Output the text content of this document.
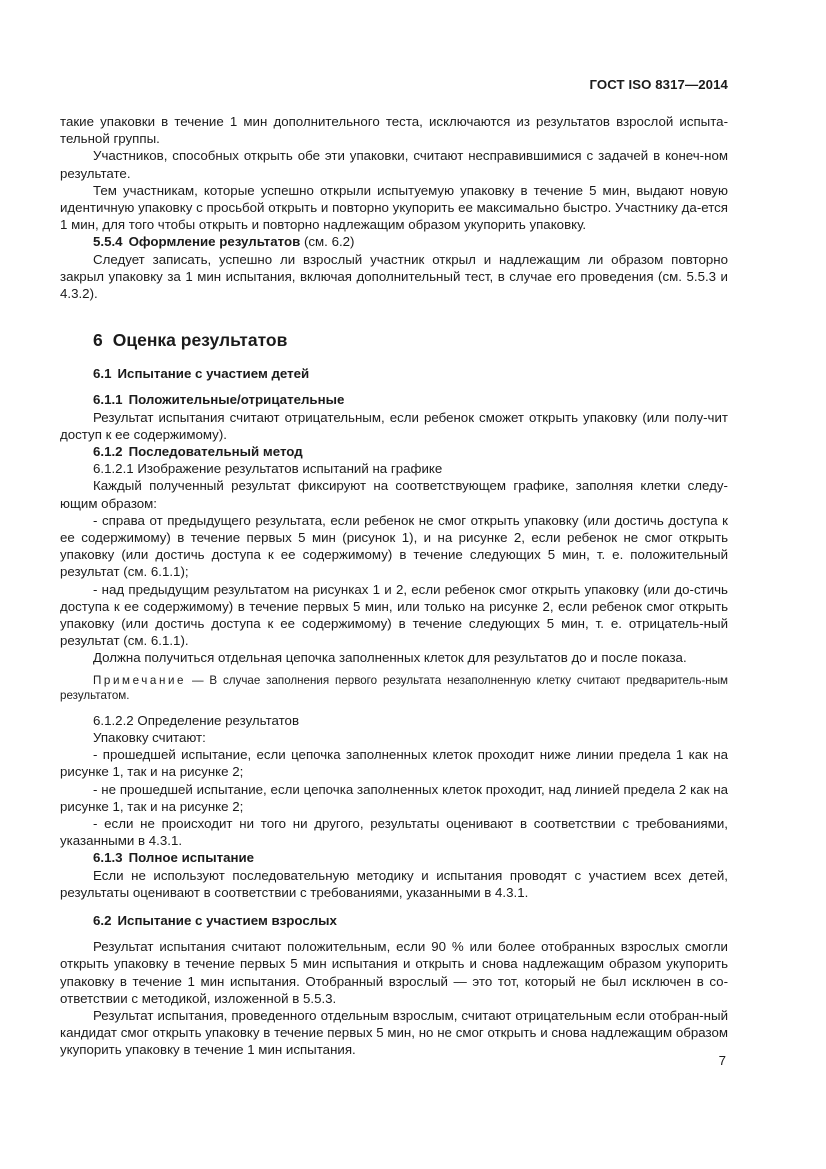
ГОСТ ISO 8317—2014

такие упаковки в течение 1 мин дополнительного теста, исключаются из результатов взрослой испыта-тельной группы.

Участников, способных открыть обе эти упаковки, считают несправившимися с задачей в конеч-ном результате.

Тем участникам, которые успешно открыли испытуемую упаковку в течение 5 мин, выдают новую идентичную упаковку с просьбой открыть и повторно укупорить ее максимально быстро. Участнику да-ется 1 мин, для того чтобы открыть и повторно надлежащим образом укупорить упаковку.

5.5.4 Оформление результатов (см. 6.2)

Следует записать, успешно ли взрослый участник открыл и надлежащим ли образом повторно закрыл упаковку за 1 мин испытания, включая дополнительный тест, в случае его проведения (см. 5.5.3 и 4.3.2).

6 Оценка результатов

6.1 Испытание с участием детей

6.1.1 Положительные/отрицательные

Результат испытания считают отрицательным, если ребенок сможет открыть упаковку (или полу-чит доступ к ее содержимому).

6.1.2 Последовательный метод

6.1.2.1 Изображение результатов испытаний на графике

Каждый полученный результат фиксируют на соответствующем графике, заполняя клетки следу-ющим образом:

- справа от предыдущего результата, если ребенок не смог открыть упаковку (или достичь доступа к ее содержимому) в течение первых 5 мин (рисунок 1), и на рисунке 2, если ребенок не смог открыть упаковку (или достичь доступа к ее содержимому) в течение следующих 5 мин, т. е. положительный результат (см. 6.1.1);

- над предыдущим результатом на рисунках 1 и 2, если ребенок смог открыть упаковку (или до-стичь доступа к ее содержимому) в течение первых 5 мин, или только на рисунке 2, если ребенок смог открыть упаковку (или достичь доступа к ее содержимому) в течение следующих 5 мин, т. е. отрицатель-ный результат (см. 6.1.1).

Должна получиться отдельная цепочка заполненных клеток для результатов до и после показа.

Примечание — В случае заполнения первого результата незаполненную клетку считают предваритель-ным результатом.

6.1.2.2 Определение результатов

Упаковку считают:

- прошедшей испытание, если цепочка заполненных клеток проходит ниже линии предела 1 как на рисунке 1, так и на рисунке 2;

- не прошедшей испытание, если цепочка заполненных клеток проходит, над линией предела 2 как на рисунке 1, так и на рисунке 2;

- если не происходит ни того ни другого, результаты оценивают в соответствии с требованиями, указанными в 4.3.1.

6.1.3 Полное испытание

Если не используют последовательную методику и испытания проводят с участием всех детей, результаты оценивают в соответствии с требованиями, указанными в 4.3.1.

6.2 Испытание с участием взрослых

Результат испытания считают положительным, если 90 % или более отобранных взрослых смогли открыть упаковку в течение первых 5 мин испытания и открыть и снова надлежащим образом укупорить упаковку в течение 1 мин испытания. Отобранный взрослый — это тот, который не был исключен в со-ответствии с методикой, изложенной в 5.5.3.

Результат испытания, проведенного отдельным взрослым, считают отрицательным если отобран-ный кандидат смог открыть упаковку в течение первых 5 мин, но не смог открыть и снова надлежащим образом укупорить упаковку в течение 1 мин испытания.

7
